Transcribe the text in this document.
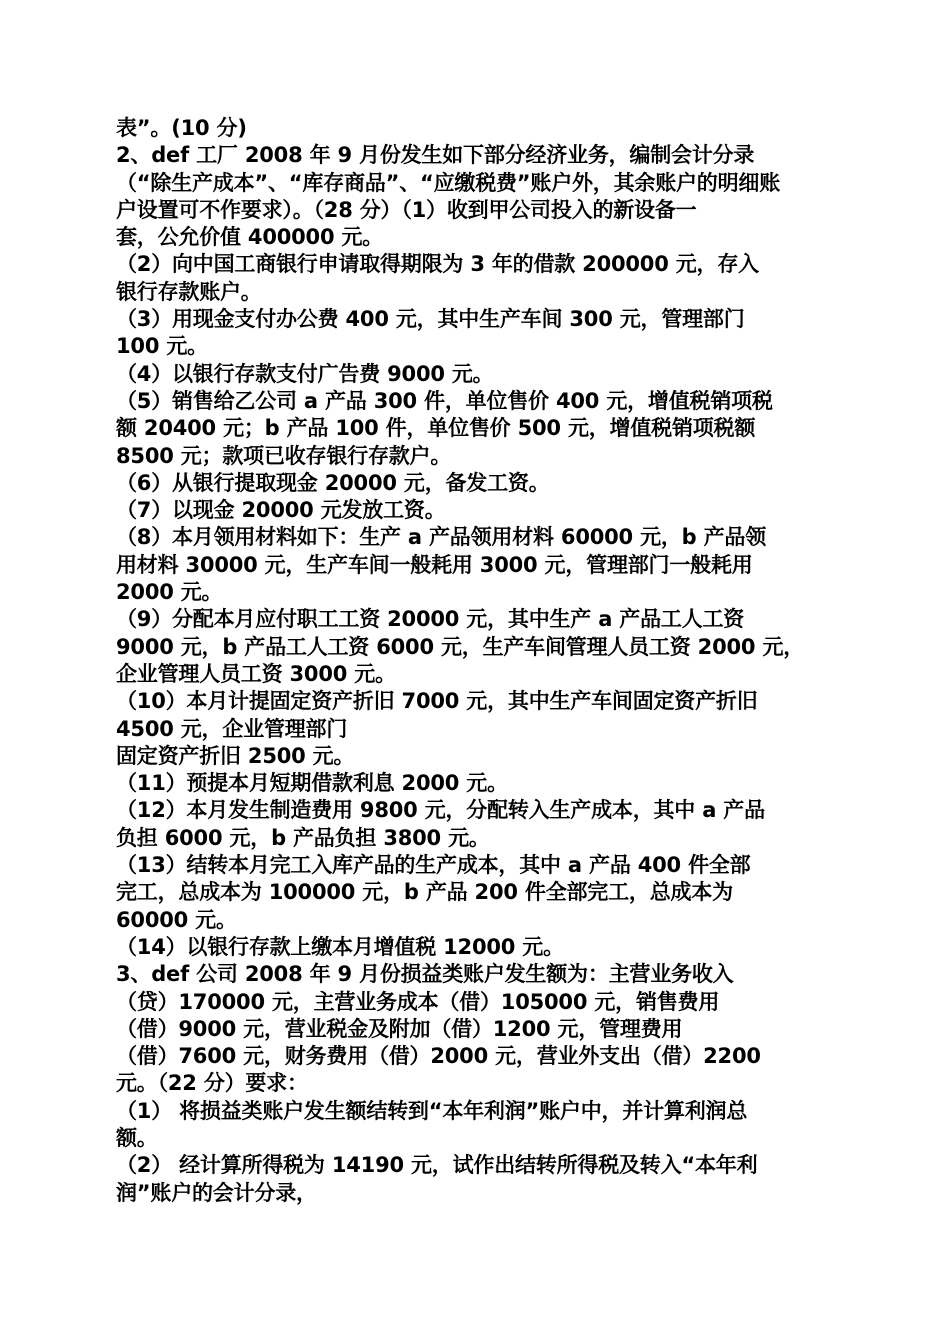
表”。(10 分)
2、def 工厂 2008 年 9 月份发生如下部分经济业务，编制会计分录
（“除生产成本”、“库存商品”、“应缴税费”账户外，其余账户的明细账
户设置可不作要求）。（28 分）（1）收到甲公司投入的新设备一
套，公允价值 400000 元。
（2）向中国工商银行申请取得期限为 3 年的借款 200000 元，存入
银行存款账户。
（3）用现金支付办公费 400 元，其中生产车间 300 元，管理部门
100 元。
（4）以银行存款支付广告费 9000 元。
（5）销售给乙公司 a 产品 300 件，单位售价 400 元，增值税销项税
额 20400 元；b 产品 100 件，单位售价 500 元，增值税销项税额
8500 元；款项已收存银行存款户。
（6）从银行提取现金 20000 元，备发工资。
（7）以现金 20000 元发放工资。
（8）本月领用材料如下：生产 a 产品领用材料 60000 元，b 产品领
用材料 30000 元，生产车间一般耗用 3000 元，管理部门一般耗用
2000 元。
（9）分配本月应付职工工资 20000 元，其中生产 a 产品工人工资
9000 元，b 产品工人工资 6000 元，生产车间管理人员工资 2000 元，
企业管理人员工资 3000 元。
（10）本月计提固定资产折旧 7000 元，其中生产车间固定资产折旧
4500 元，企业管理部门
固定资产折旧 2500 元。
（11）预提本月短期借款利息 2000 元。
（12）本月发生制造费用 9800 元，分配转入生产成本，其中 a 产品
负担 6000 元，b 产品负担 3800 元。
（13）结转本月完工入库产品的生产成本，其中 a 产品 400 件全部
完工，总成本为 100000 元，b 产品 200 件全部完工，总成本为
60000 元。
（14）以银行存款上缴本月增值税 12000 元。
3、def 公司 2008 年 9 月份损益类账户发生额为：主营业务收入
（贷）170000 元，主营业务成本（借）105000 元，销售费用
（借）9000 元，营业税金及附加（借）1200 元，管理费用
（借）7600 元，财务费用（借）2000 元，营业外支出（借）2200
元。（22 分）要求：
（1） 将损益类账户发生额结转到“本年利润”账户中，并计算利润总
额。
（2） 经计算所得税为 14190 元，试作出结转所得税及转入“本年利
润”账户的会计分录，
